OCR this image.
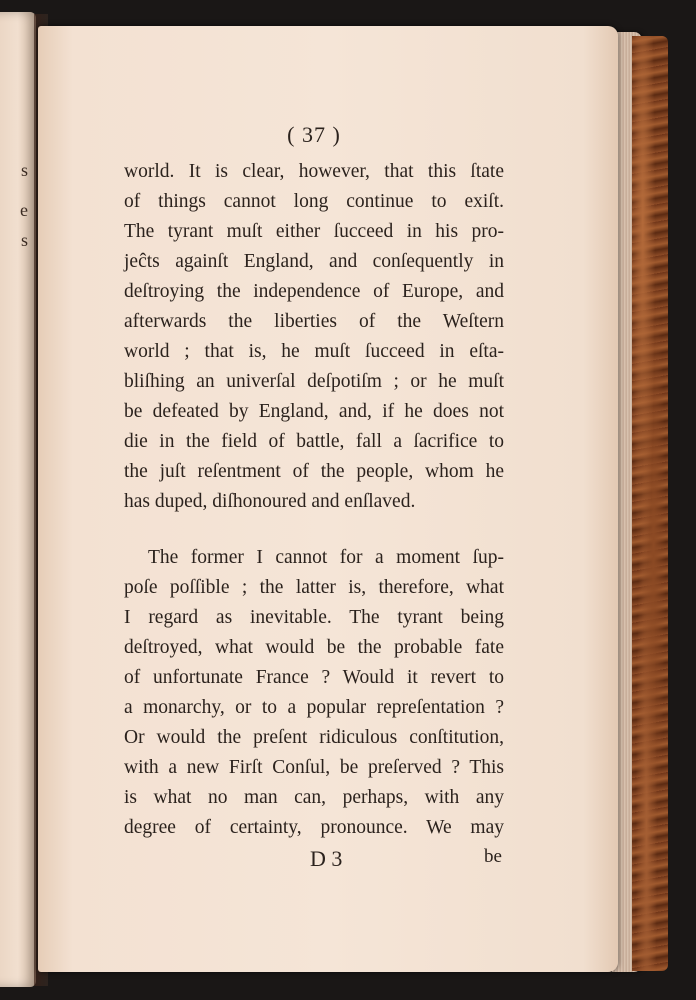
s
e
s
( 37 )
world. It is clear, however, that this ſtate
of things cannot long continue to exiſt.
The tyrant muſt either ſucceed in his pro-
jeĉts againſt England, and conſequently in
deſtroying the independence of Europe, and
afterwards the liberties of the Weſtern
world ; that is, he muſt ſucceed in eſta-
bliſhing an univerſal deſpotiſm ; or he muſt
be defeated by England, and, if he does not
die in the field of battle, fall a ſacrifice to
the juſt reſentment of the people, whom he
has duped, diſhonoured and enſlaved.
The former I cannot for a moment ſup-
poſe poſſible ; the latter is, therefore, what
I regard as inevitable. The tyrant being
deſtroyed, what would be the probable fate
of unfortunate France ? Would it revert to
a monarchy, or to a popular repreſentation ?
Or would the preſent ridiculous conſtitution,
with a new Firſt Conſul, be preſerved ? This
is what no man can, perhaps, with any
degree of certainty, pronounce. We may
D 3	be
